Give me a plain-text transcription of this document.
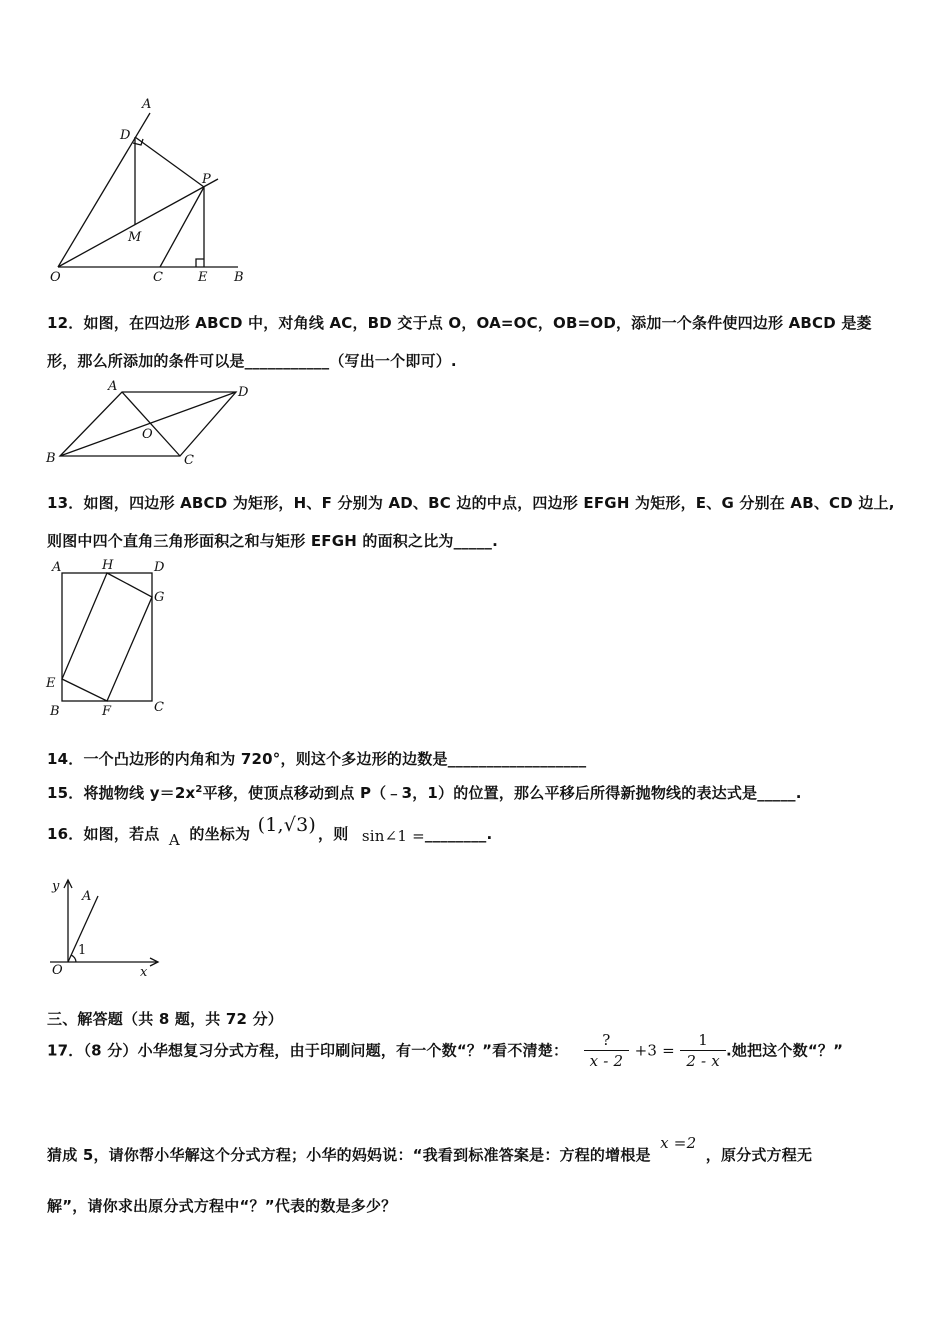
A
D
P
M
O	C	E B
12．如图，在四边形 ABCD 中，对角线 AC，BD 交于点 O，OA=OC，OB=OD，添加一个条件使四边形 ABCD 是菱
形，那么所添加的条件可以是___________（写出一个即可）.
A	D
O
B	C
13．如图，四边形 ABCD 为矩形，H、F 分别为 AD、BC 边的中点，四边形 EFGH 为矩形，E、G 分别在 AB、CD 边上,
则图中四个直角三角形面积之和与矩形 EFGH 的面积之比为_____.
A	H	D
G
E
B	F	C
14．一个凸边形的内角和为 720°，则这个多边形的边数是__________________
15．将抛物线 $y=2x^2$平移，使顶点移动到点 P（﹣3，1）的位置，那么平移后所得新抛物线的表达式是_____.
16．如图，若点 A 的坐标为 (1,√3) ，则 sin∠1 =________.
y
A
1
O	x
三、解答题（共 8 题，共 72 分）
17．（8 分）小华想复习分式方程，由于印刷问题，有一个数“？”看不清楚： $\frac{?}{x - 2} +3 = \frac{1}{2 - x}$ .她把这个数“？”
猜成 5，请你帮小华解这个分式方程；小华的妈妈说：“我看到标准答案是：方程的增根是 x =2 ，原分式方程无
解”，请你求出原分式方程中“？”代表的数是多少？
